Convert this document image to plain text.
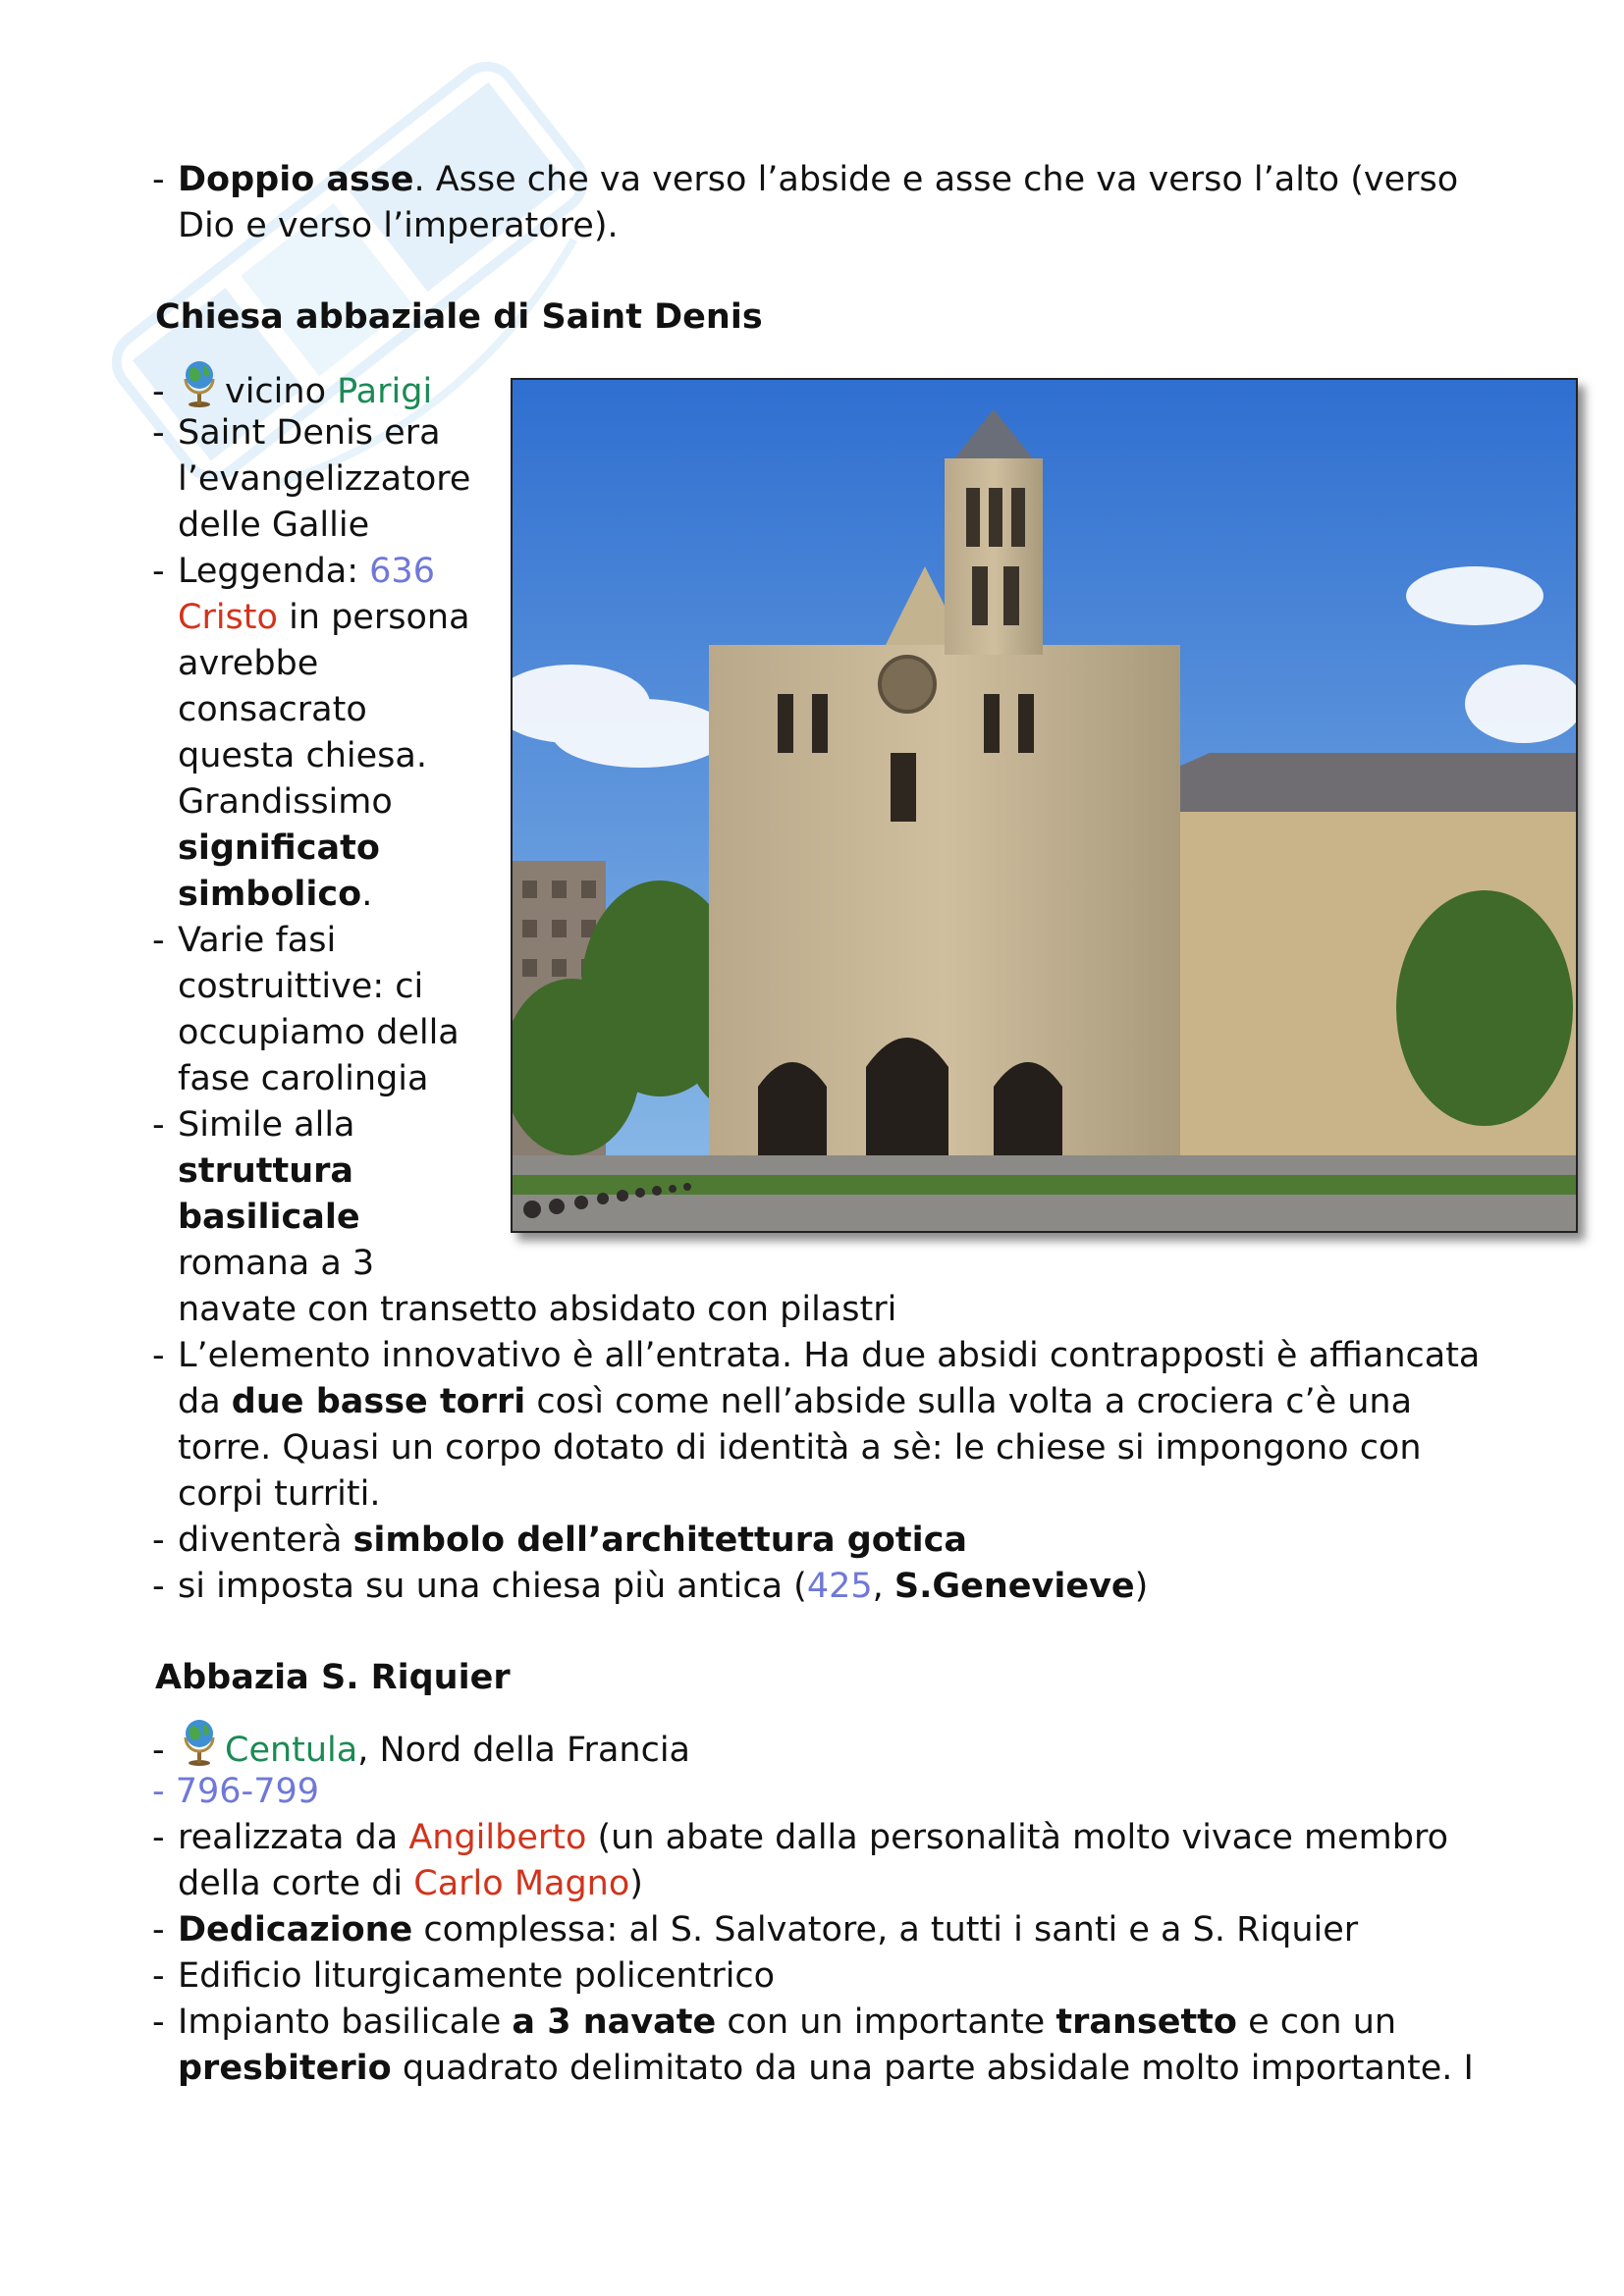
-Doppio asse. Asse che va verso l’abside e asse che va verso l’alto (verso
Dio e verso l’imperatore).
Chiesa abbaziale di Saint Denis
-vicino Parigi
-Saint Denis era
l’evangelizzatore
delle Gallie
-Leggenda: 636
Cristo in persona
avrebbe
consacrato
questa chiesa.
Grandissimo
significato
simbolico.
-Varie fasi
costruittive: ci
occupiamo della
fase carolingia
-Simile alla
struttura
basilicale
romana a 3
navate con transetto absidato con pilastri
-L’elemento innovativo è all’entrata. Ha due absidi contrapposti è affiancata
da due basse torri così come nell’abside sulla volta a crociera c’è una
torre. Quasi un corpo dotato di identità a sè: le chiese si impongono con
corpi turriti.
-diventerà simbolo dell’architettura gotica
-si imposta su una chiesa più antica (425, S.Genevieve)
Abbazia S. Riquier
-Centula, Nord della Francia
- 796-799
-realizzata da Angilberto (un abate dalla personalità molto vivace membro
della corte di Carlo Magno)
-Dedicazione complessa: al S. Salvatore, a tutti i santi e a S. Riquier
-Edificio liturgicamente policentrico
-Impianto basilicale a 3 navate con un importante transetto e con un
presbiterio quadrato delimitato da una parte absidale molto importante. I
